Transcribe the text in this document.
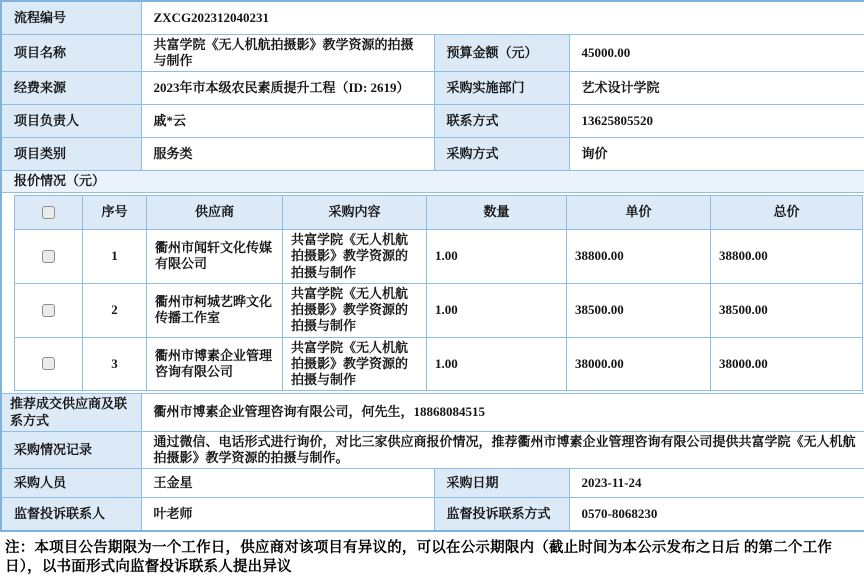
流程编号	ZXCG202312040231
项目名称	共富学院《无人机航拍摄影》教学资源的拍摄与制作	预算金额（元）	45000.00
经费来源	2023年市本级农民素质提升工程（ID: 2619）	采购实施部门	艺术设计学院
项目负责人	戚*云	联系方式	13625805520
项目类别	服务类	采购方式	询价
报价情况（元）

	序号	供应商	采购内容	数量	单价	总价

	1	衢州市闻轩文化传媒有限公司	共富学院《无人机航拍摄影》教学资源的拍摄与制作	1.00	38800.00	38800.00

	2	衢州市柯城艺晔文化传播工作室	共富学院《无人机航拍摄影》教学资源的拍摄与制作	1.00	38500.00	38500.00

	3	衢州市博素企业管理咨询有限公司	共富学院《无人机航拍摄影》教学资源的拍摄与制作	1.00	38000.00	38000.00

推荐成交供应商及联系方式	衢州市博素企业管理咨询有限公司，何先生，18868084515
采购情况记录	通过微信、电话形式进行询价，对比三家供应商报价情况，推荐衢州市博素企业管理咨询有限公司提供共富学院《无人机航拍摄影》教学资源的拍摄与制作。
采购人员	王金星	采购日期	2023-11-24
监督投诉联系人	叶老师	监督投诉联系方式	0570-8068230
注：本项目公告期限为一个工作日，供应商对该项目有异议的，可以在公示期限内（截止时间为本公示发布之日后 的第二个工作日），以书面形式向监督投诉联系人提出异议
